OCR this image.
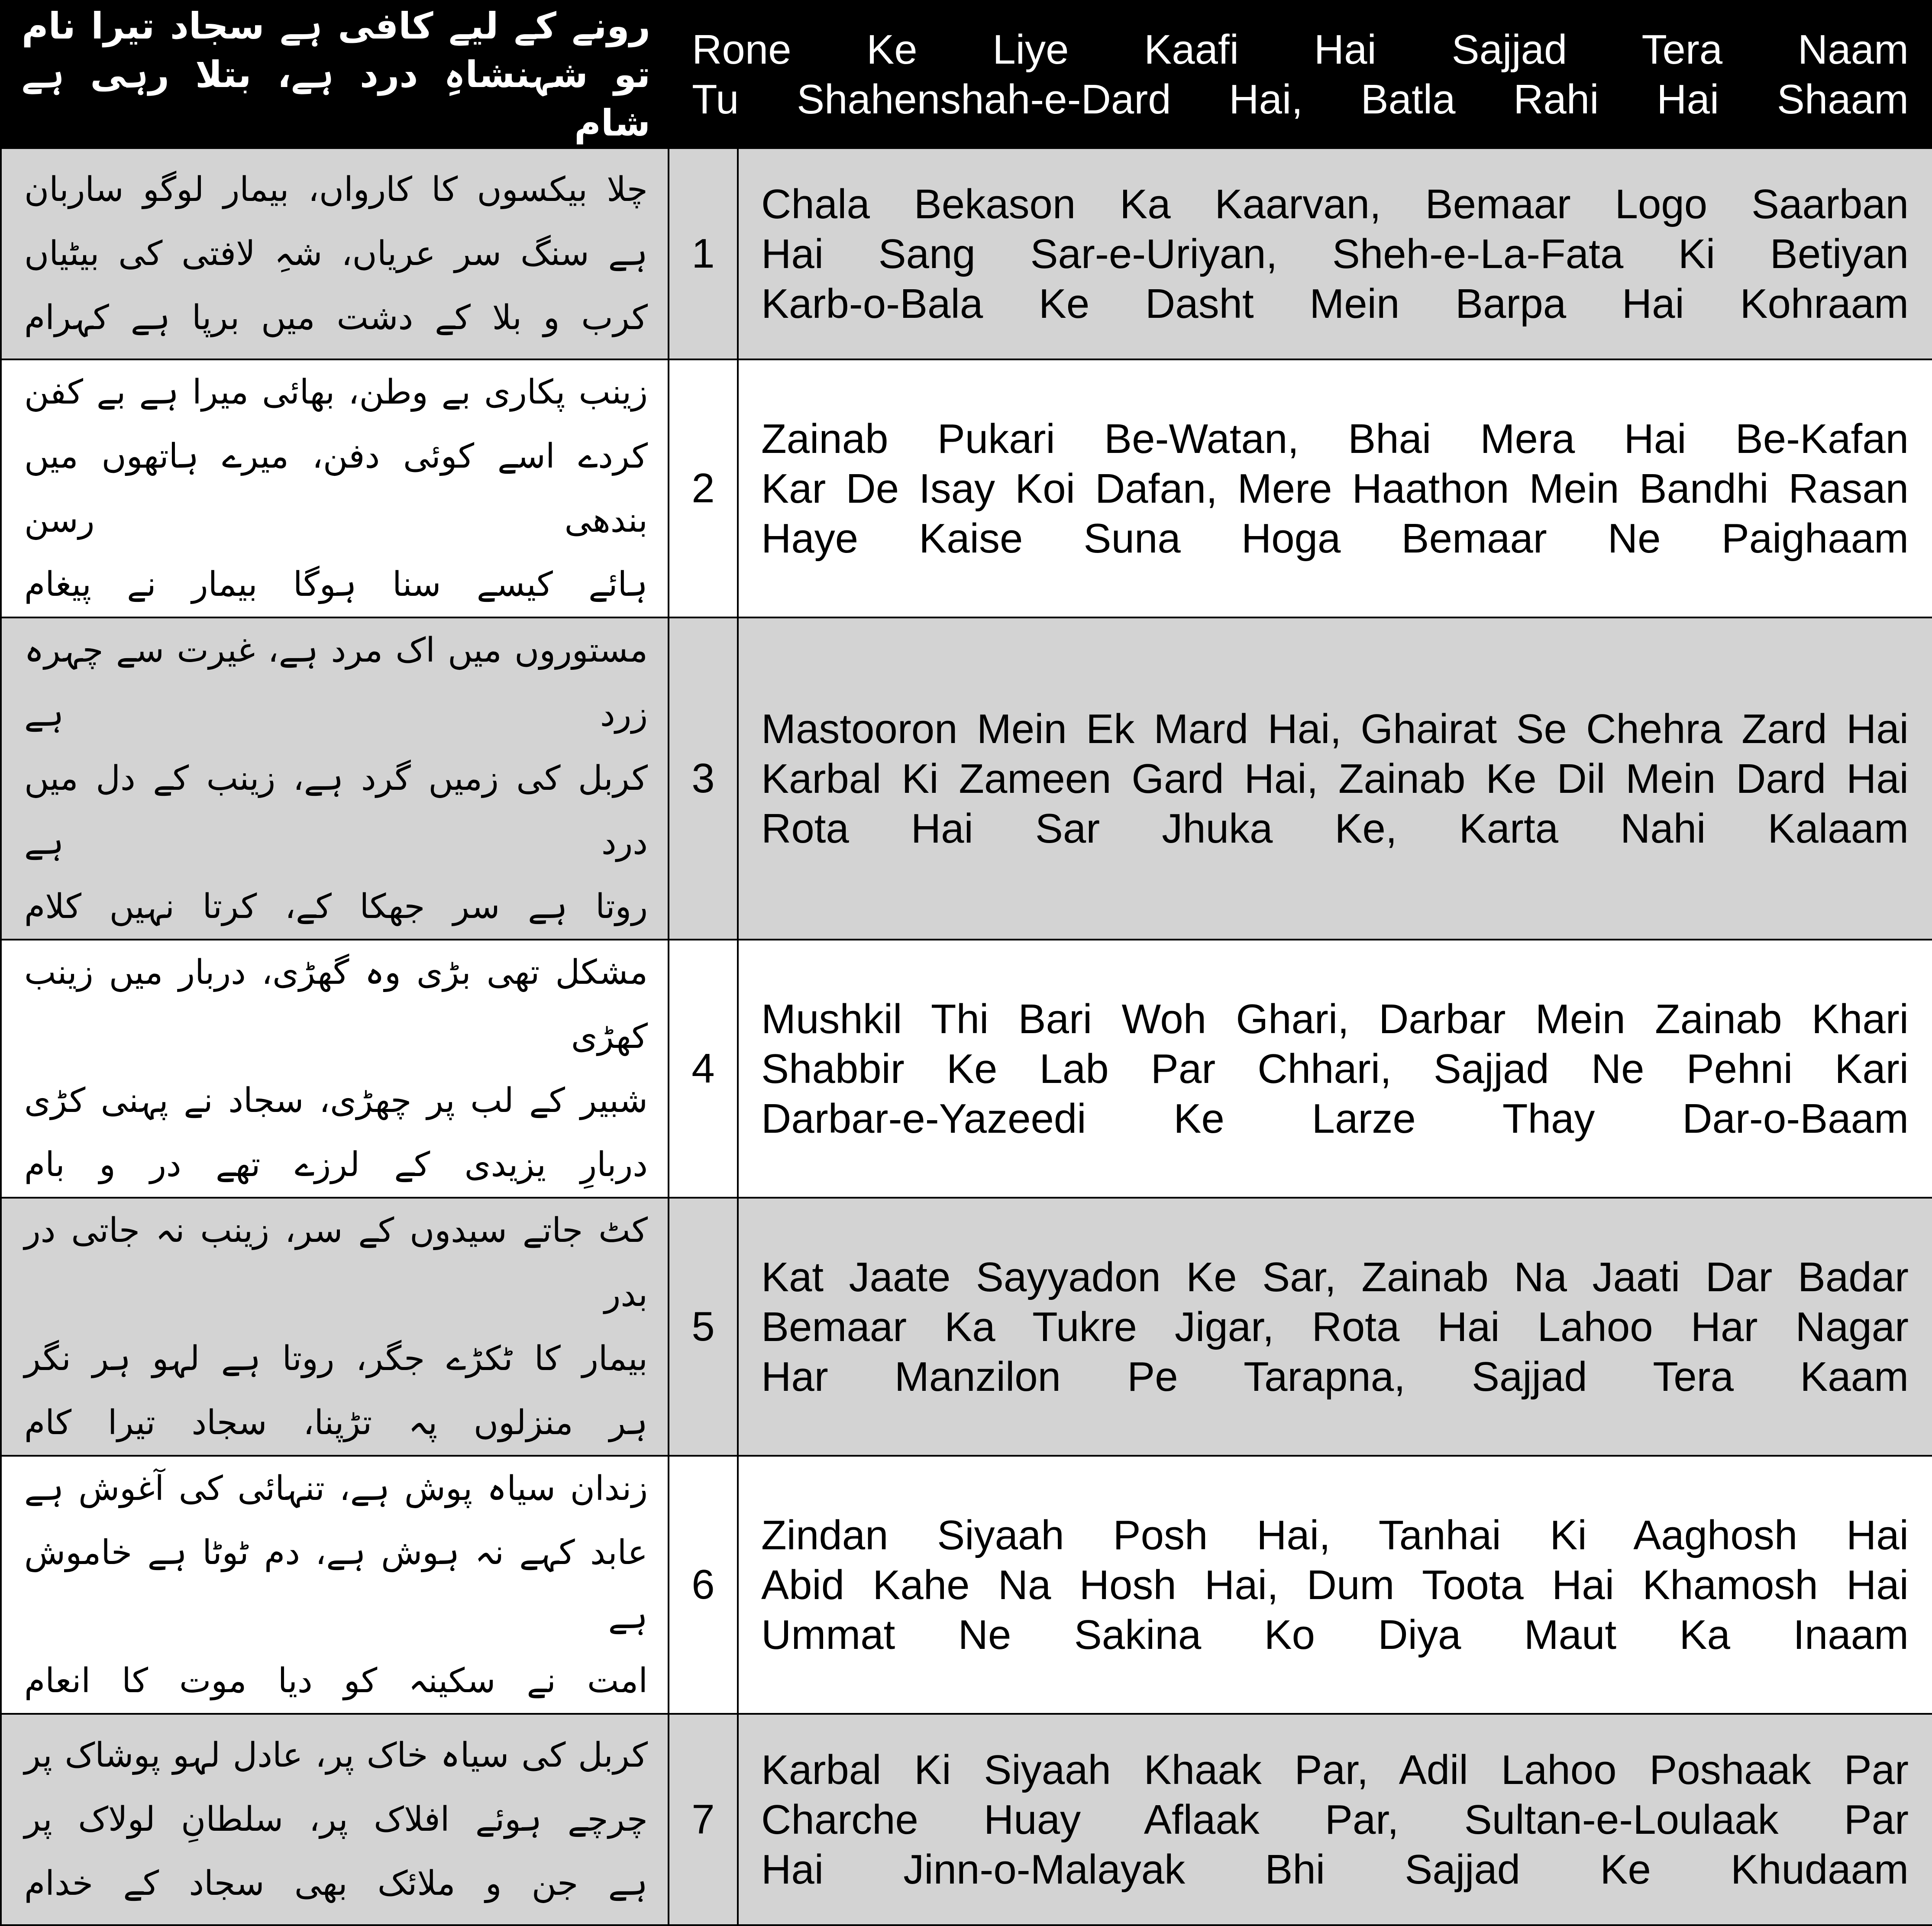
رونے کے لیے کافی ہے سجاد تیرا نام
تو شہنشاہِ درد ہے، بتلا رہی ہے شام	Rone Ke Liye Kaafi Hai Sajjad Tera Naam
Tu Shahenshah-e-Dard Hai, Batla Rahi Hai Shaam	

چلا بیکسوں کا کارواں، بیمار لوگو ساربان
ہے سنگ سر عریاں، شہِ لافتی کی بیٹیاں
کرب و بلا کے دشت میں برپا ہے کہرام	1	Chala Bekason Ka Kaarvan, Bemaar Logo Saarban
Hai Sang Sar-e-Uriyan, Sheh-e-La-Fata Ki Betiyan
Karb-o-Bala Ke Dasht Mein Barpa Hai Kohraam

زینب پکاری بے وطن، بھائی میرا ہے بے کفن
کردے اسے کوئی دفن، میرے ہاتھوں میں بندھی رسن
ہائے کیسے سنا ہوگا بیمار نے پیغام	2	Zainab Pukari Be-Watan, Bhai Mera Hai Be-Kafan
Kar De Isay Koi Dafan, Mere Haathon Mein Bandhi Rasan
Haye Kaise Suna Hoga Bemaar Ne Paighaam

مستوروں میں اک مرد ہے، غیرت سے چہرہ زرد ہے
کربل کی زمیں گرد ہے، زینب کے دل میں درد ہے
روتا ہے سر جھکا کے، کرتا نہیں کلام	3	Mastooron Mein Ek Mard Hai, Ghairat Se Chehra Zard Hai
Karbal Ki Zameen Gard Hai, Zainab Ke Dil Mein Dard Hai
Rota Hai Sar Jhuka Ke, Karta Nahi Kalaam

مشکل تھی بڑی وہ گھڑی، دربار میں زینب کھڑی
شبیر کے لب پر چھڑی، سجاد نے پہنی کڑی
دربارِ یزیدی کے لرزے تھے در و بام	4	Mushkil Thi Bari Woh Ghari, Darbar Mein Zainab Khari
Shabbir Ke Lab Par Chhari, Sajjad Ne Pehni Kari
Darbar-e-Yazeedi Ke Larze Thay Dar-o-Baam

کٹ جاتے سیدوں کے سر، زینب نہ جاتی در بدر
بیمار کا ٹکڑے جگر، روتا ہے لہو ہر نگر
ہر منزلوں پہ تڑپنا، سجاد تیرا کام	5	Kat Jaate Sayyadon Ke Sar, Zainab Na Jaati Dar Badar
Bemaar Ka Tukre Jigar, Rota Hai Lahoo Har Nagar
Har Manzilon Pe Tarapna, Sajjad Tera Kaam

زندان سیاہ پوش ہے، تنہائی کی آغوش ہے
عابد کہے نہ ہوش ہے، دم ٹوٹا ہے خاموش ہے
امت نے سکینہ کو دیا موت کا انعام	6	Zindan Siyaah Posh Hai, Tanhai Ki Aaghosh Hai
Abid Kahe Na Hosh Hai, Dum Toota Hai Khamosh Hai
Ummat Ne Sakina Ko Diya Maut Ka Inaam

کربل کی سیاہ خاک پر، عادل لہو پوشاک پر
چرچے ہوئے افلاک پر، سلطانِ لولاک پر
ہے جن و ملائک بھی سجاد کے خدام	7	Karbal Ki Siyaah Khaak Par, Adil Lahoo Poshaak Par
Charche Huay Aflaak Par, Sultan-e-Loulaak Par
Hai Jinn-o-Malayak Bhi Sajjad Ke Khudaam
